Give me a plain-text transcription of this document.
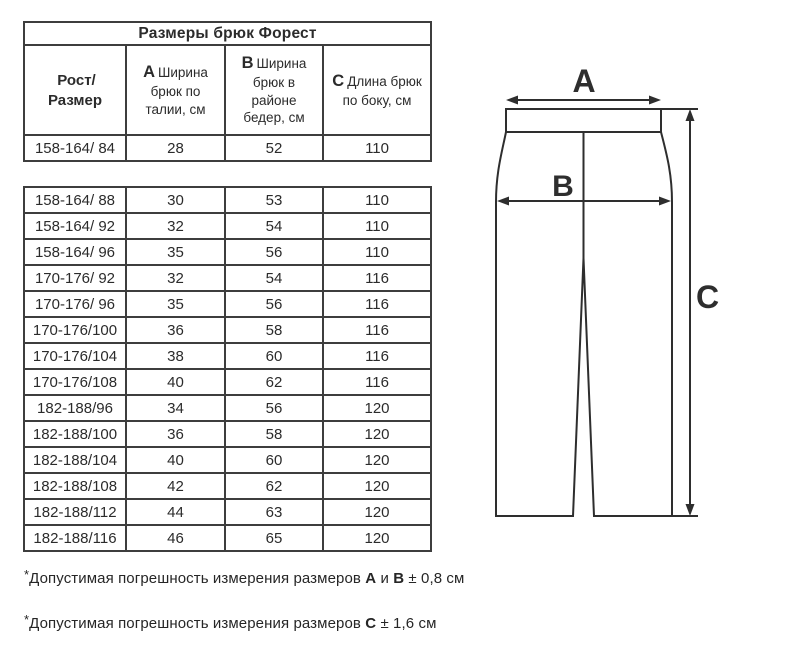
Размеры брюк Форест			
Рост/Размер	A Ширина брюк по талии, см	B Ширина брюк в районе бедер, см	C Длина брюк по боку, см
158-164/ 84	28	52	110

158-164/ 88	30	53	110
158-164/ 92	32	54	110
158-164/ 96	35	56	110
170-176/ 92	32	54	116
170-176/ 96	35	56	116
170-176/100	36	58	116
170-176/104	38	60	116
170-176/108	40	62	116
182-188/96	34	56	120
182-188/100	36	58	120
182-188/104	40	60	120
182-188/108	42	62	120
182-188/112	44	63	120
182-188/116	46	65	120
A
B
C
*Допустимая погрешность измерения размеров A и B ± 0,8 см
*Допустимая погрешность измерения размеров C ± 1,6 см
